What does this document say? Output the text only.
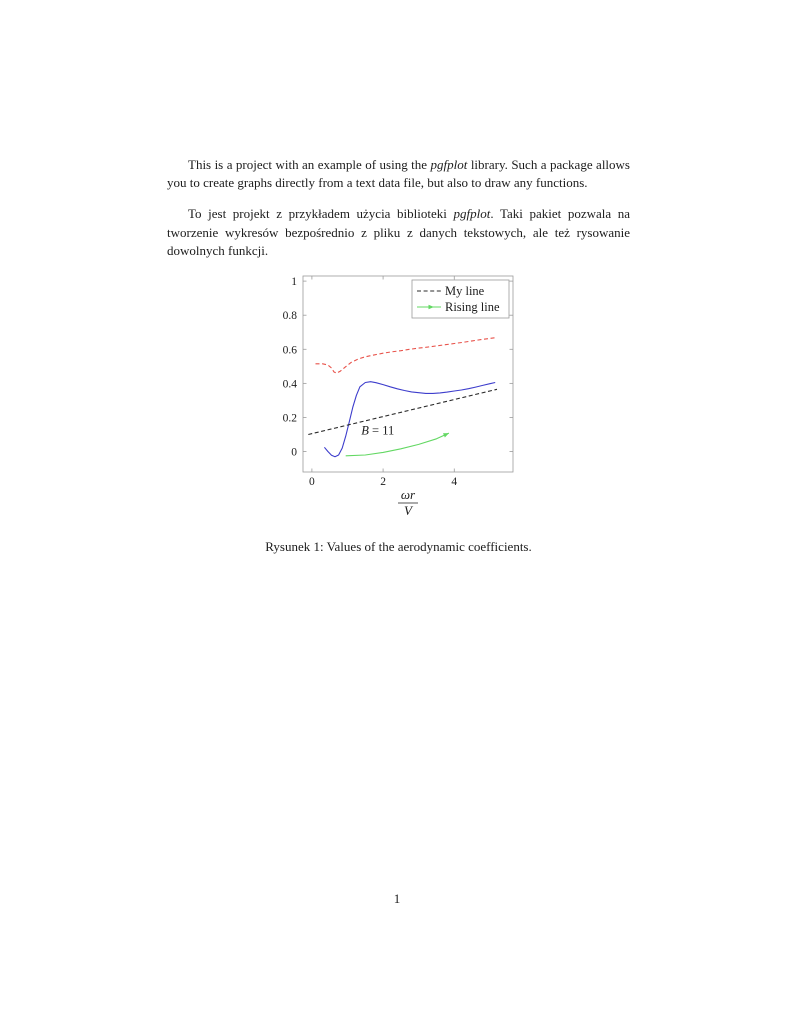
This is a project with an example of using the pgfplot library. Such a package allows you to create graphs directly from a text data file, but also to draw any functions.

To jest projekt z przykładem użycia biblioteki pgfplot. Taki pakiet pozwala na tworzenie wykresów bezpośrednio z pliku z danych tekstowych, ale też rysowanie dowolnych funkcji.

0	2	4
0
0.2
0.4
0.6
0.8
1
B = 11
My line
Rising line
ωr
V
Rysunek 1: Values of the aerodynamic coefficients.
1
